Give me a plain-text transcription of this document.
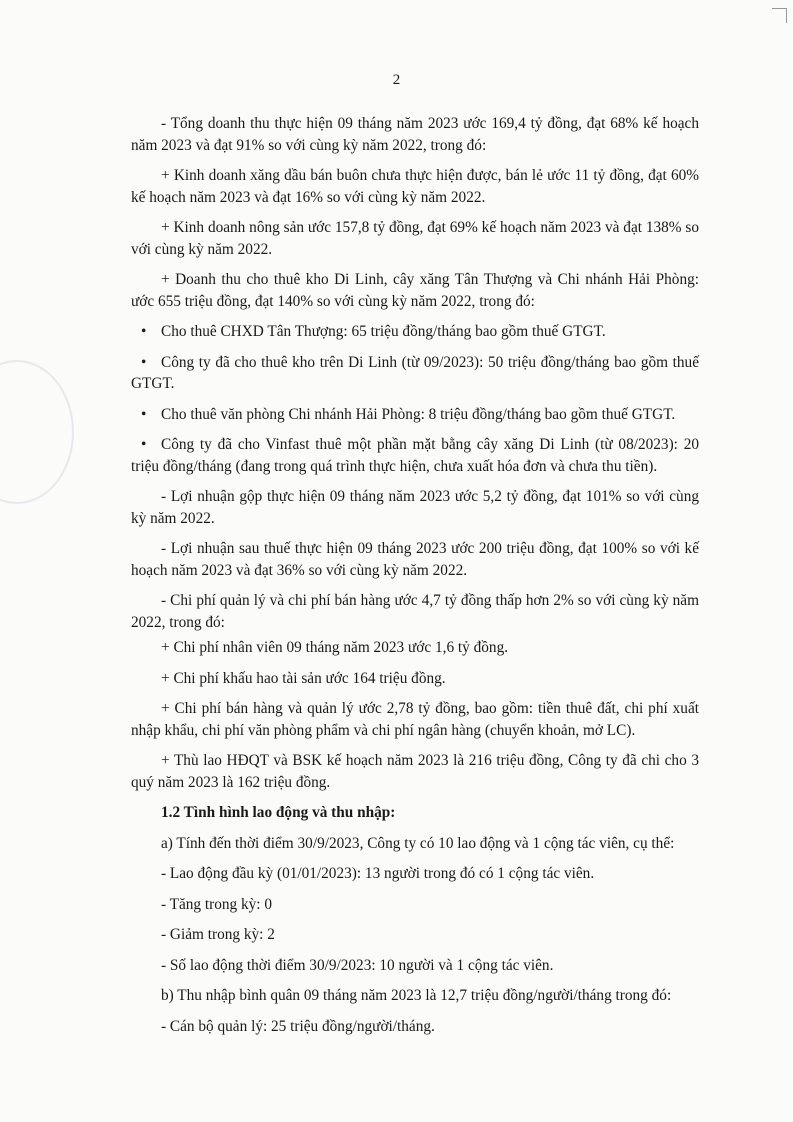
2

- Tổng doanh thu thực hiện 09 tháng năm 2023 ước 169,4 tỷ đồng, đạt 68% kế hoạch năm 2023 và đạt 91% so với cùng kỳ năm 2022, trong đó:

+ Kinh doanh xăng dầu bán buôn chưa thực hiện được, bán lẻ ước 11 tỷ đồng, đạt 60% kế hoạch năm 2023 và đạt 16% so với cùng kỳ năm 2022.

+ Kinh doanh nông sản ước 157,8 tỷ đồng, đạt 69% kế hoạch năm 2023 và đạt 138% so với cùng kỳ năm 2022.

+ Doanh thu cho thuê kho Di Linh, cây xăng Tân Thượng và Chi nhánh Hải Phòng: ước 655 triệu đồng, đạt 140% so với cùng kỳ năm 2022, trong đó:

• Cho thuê CHXD Tân Thượng: 65 triệu đồng/tháng bao gồm thuế GTGT.

• Công ty đã cho thuê kho trên Di Linh (từ 09/2023): 50 triệu đồng/tháng bao gồm thuế GTGT.

• Cho thuê văn phòng Chi nhánh Hải Phòng: 8 triệu đồng/tháng bao gồm thuế GTGT.

• Công ty đã cho Vinfast thuê một phần mặt bằng cây xăng Di Linh (từ 08/2023): 20 triệu đồng/tháng (đang trong quá trình thực hiện, chưa xuất hóa đơn và chưa thu tiền).

- Lợi nhuận gộp thực hiện 09 tháng năm 2023 ước 5,2 tỷ đồng, đạt 101% so với cùng kỳ năm 2022.

- Lợi nhuận sau thuế thực hiện 09 tháng 2023 ước 200 triệu đồng, đạt 100% so với kế hoạch năm 2023 và đạt 36% so với cùng kỳ năm 2022.

- Chi phí quản lý và chi phí bán hàng ước 4,7 tỷ đồng thấp hơn 2% so với cùng kỳ năm 2022, trong đó:

+ Chi phí nhân viên 09 tháng năm 2023 ước 1,6 tỷ đồng.

+ Chi phí khấu hao tài sản ước 164 triệu đồng.

+ Chi phí bán hàng và quản lý ước 2,78 tỷ đồng, bao gồm: tiền thuê đất, chi phí xuất nhập khẩu, chi phí văn phòng phẩm và chi phí ngân hàng (chuyển khoản, mở LC).

+ Thù lao HĐQT và BSK kế hoạch năm 2023 là 216 triệu đồng, Công ty đã chi cho 3 quý năm 2023 là 162 triệu đồng.

1.2 Tình hình lao động và thu nhập:

a) Tính đến thời điểm 30/9/2023, Công ty có 10 lao động và 1 cộng tác viên, cụ thể:

- Lao động đầu kỳ (01/01/2023): 13 người trong đó có 1 cộng tác viên.

- Tăng trong kỳ: 0

- Giảm trong kỳ: 2

- Số lao động thời điểm 30/9/2023: 10 người và 1 cộng tác viên.

b) Thu nhập bình quân 09 tháng năm 2023 là 12,7 triệu đồng/người/tháng trong đó:

- Cán bộ quản lý: 25 triệu đồng/người/tháng.
